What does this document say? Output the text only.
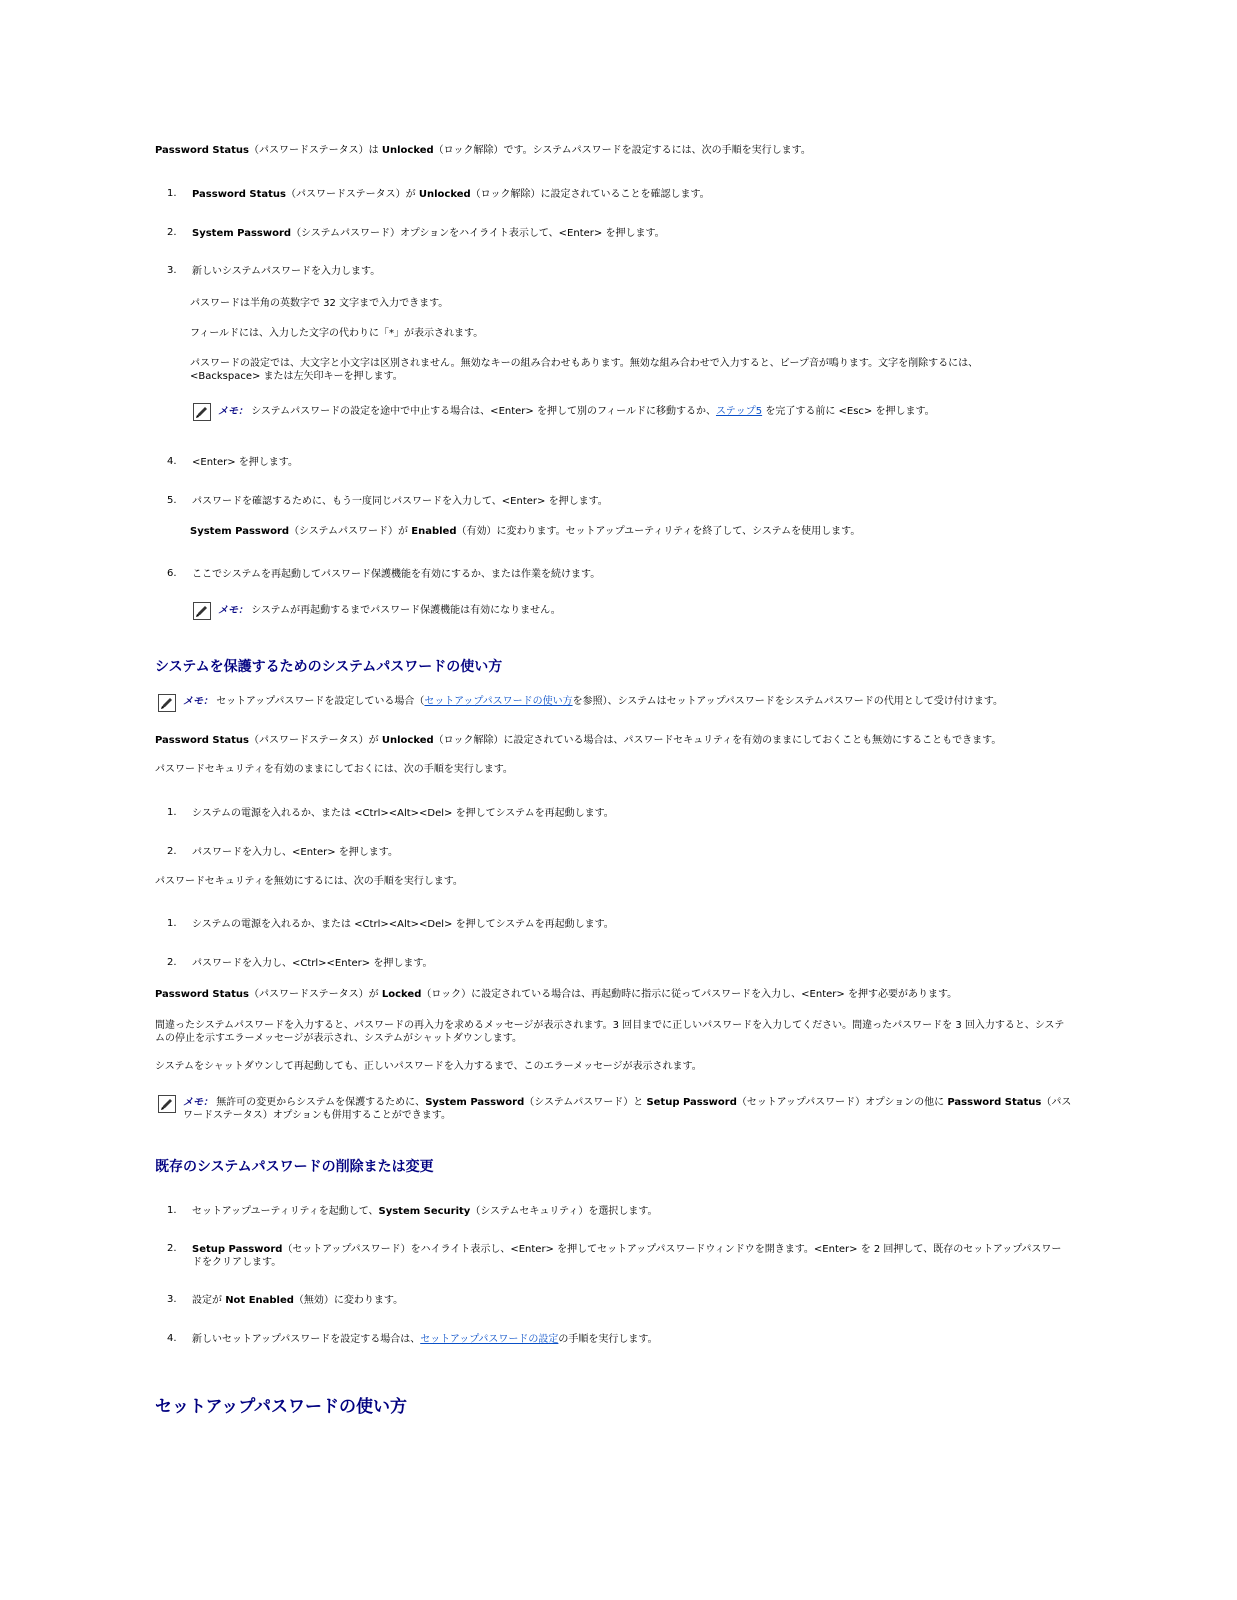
Password Status（パスワードステータス）は Unlocked（ロック解除）です。システムパスワードを設定するには、次の手順を実行します。
1.	Password Status（パスワードステータス）が Unlocked（ロック解除）に設定されていることを確認します。
2.	System Password（システムパスワード）オプションをハイライト表示して、<Enter> を押します。
3.	新しいシステムパスワードを入力します。
パスワードは半角の英数字で 32 文字まで入力できます。
フィールドには、入力した文字の代わりに「*」が表示されます。
パスワードの設定では、大文字と小文字は区別されません。無効なキーの組み合わせもあります。無効な組み合わせで入力すると、ビープ音が鳴ります。文字を削除するには、<Backspace> または左矢印キーを押します。
メモ： システムパスワードの設定を途中で中止する場合は、<Enter> を押して別のフィールドに移動するか、ステップ5 を完了する前に <Esc> を押します。
4.	<Enter> を押します。
5.	パスワードを確認するために、もう一度同じパスワードを入力して、<Enter> を押します。
System Password（システムパスワード）が Enabled（有効）に変わります。セットアップユーティリティを終了して、システムを使用します。
6.	ここでシステムを再起動してパスワード保護機能を有効にするか、または作業を続けます。
メモ： システムが再起動するまでパスワード保護機能は有効になりません。
システムを保護するためのシステムパスワードの使い方
メモ： セットアップパスワードを設定している場合（セットアップパスワードの使い方を参照）、システムはセットアップパスワードをシステムパスワードの代用として受け付けます。
Password Status（パスワードステータス）が Unlocked（ロック解除）に設定されている場合は、パスワードセキュリティを有効のままにしておくことも無効にすることもできます。
パスワードセキュリティを有効のままにしておくには、次の手順を実行します。
1.	システムの電源を入れるか、または <Ctrl><Alt><Del> を押してシステムを再起動します。
2.	パスワードを入力し、<Enter> を押します。
パスワードセキュリティを無効にするには、次の手順を実行します。
1.	システムの電源を入れるか、または <Ctrl><Alt><Del> を押してシステムを再起動します。
2.	パスワードを入力し、<Ctrl><Enter> を押します。
Password Status（パスワードステータス）が Locked（ロック）に設定されている場合は、再起動時に指示に従ってパスワードを入力し、<Enter> を押す必要があります。
間違ったシステムパスワードを入力すると、パスワードの再入力を求めるメッセージが表示されます。3 回目までに正しいパスワードを入力してください。間違ったパスワードを 3 回入力すると、システムの停止を示すエラーメッセージが表示され、システムがシャットダウンします。
システムをシャットダウンして再起動しても、正しいパスワードを入力するまで、このエラーメッセージが表示されます。
メモ： 無許可の変更からシステムを保護するために、System Password（システムパスワード）と Setup Password（セットアップパスワード）オプションの他に Password Status（パスワードステータス）オプションも併用することができます。
既存のシステムパスワードの削除または変更
1.	セットアップユーティリティを起動して、System Security（システムセキュリティ）を選択します。
2.	Setup Password（セットアップパスワード）をハイライト表示し、<Enter> を押してセットアップパスワードウィンドウを開きます。<Enter> を 2 回押して、既存のセットアップパスワードをクリアします。
3.	設定が Not Enabled（無効）に変わります。
4.	新しいセットアップパスワードを設定する場合は、セットアップパスワードの設定の手順を実行します。
セットアップパスワードの使い方
